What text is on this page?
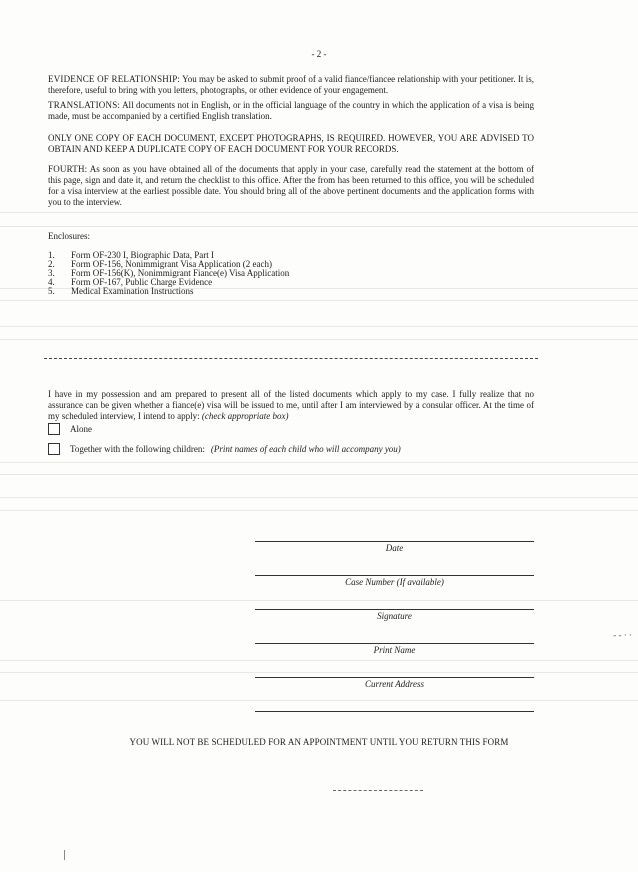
- 2 -
EVIDENCE OF RELATIONSHIP: You may be asked to submit proof of a valid fiance/fiancee relationship with your petitioner. It is, therefore, useful to bring with you letters, photographs, or other evidence of your engagement.
TRANSLATIONS: All documents not in English, or in the official language of the country in which the application of a visa is being made, must be accompanied by a certified English translation.
ONLY ONE COPY OF EACH DOCUMENT, EXCEPT PHOTOGRAPHS, IS REQUIRED. HOWEVER, YOU ARE ADVISED TO OBTAIN AND KEEP A DUPLICATE COPY OF EACH DOCUMENT FOR YOUR RECORDS.
FOURTH: As soon as you have obtained all of the documents that apply in your case, carefully read the statement at the bottom of this page, sign and date it, and return the checklist to this office. After the from has been returned to this office, you will be scheduled for a visa interview at the earliest possible date. You should bring all of the above pertinent documents and the application forms with you to the interview.
Enclosures:
1.	Form OF-230 I, Biographic Data, Part I
2.	Form OF-156, Nonimmigrant Visa Application (2 each)
3.	Form OF-156(K), Nonimmigrant Fiance(e) Visa Application
4.	Form OF-167, Public Charge Evidence
5.	Medical Examination Instructions
I have in my possession and am prepared to present all of the listed documents which apply to my case. I fully realize that no assurance can be given whether a fiance(e) visa will be issued to me, until after I am interviewed by a consular officer. At the time of my scheduled interview, I intend to apply: (check appropriate box)
Alone
Together with the following children: (Print names of each child who will accompany you)
Date
Case Number (If available)
Signature
Print Name
Current Address
YOU WILL NOT BE SCHEDULED FOR AN APPOINTMENT UNTIL YOU RETURN THIS FORM
- - · ·
